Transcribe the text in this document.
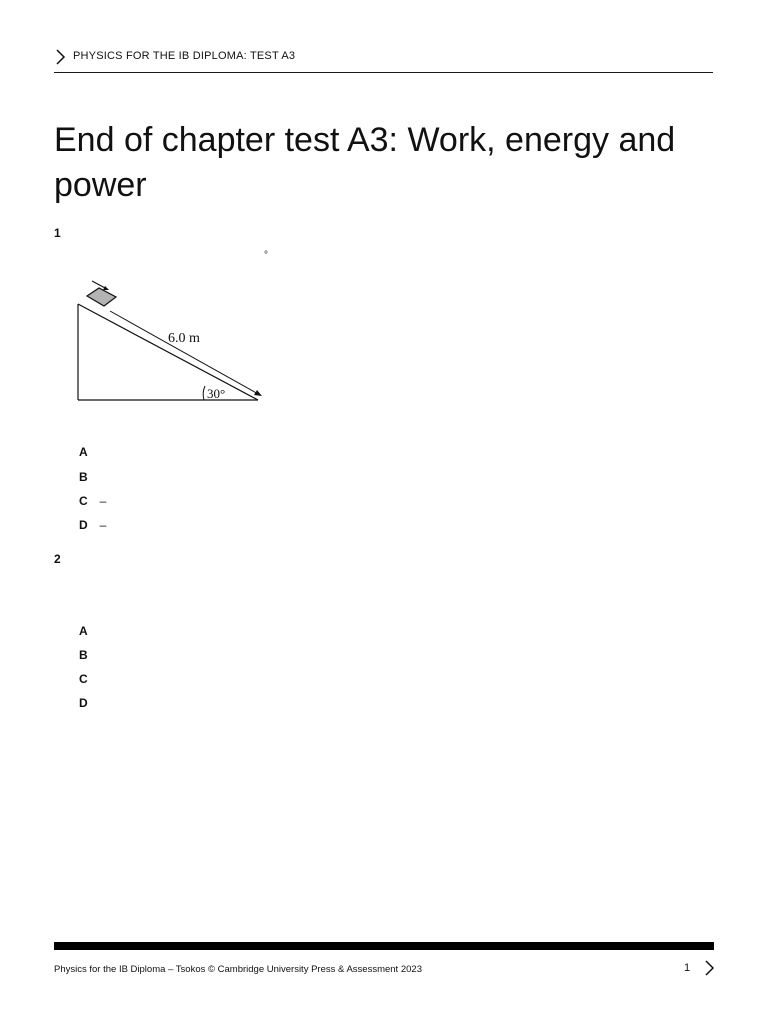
PHYSICS FOR THE IB DIPLOMA: TEST A3
End of chapter test A3: Work, energy and power
1
°
6.0 m
30°
A
B
C –
D –
2
A
B
C
D
Physics for the IB Diploma – Tsokos © Cambridge University Press & Assessment 2023	1
